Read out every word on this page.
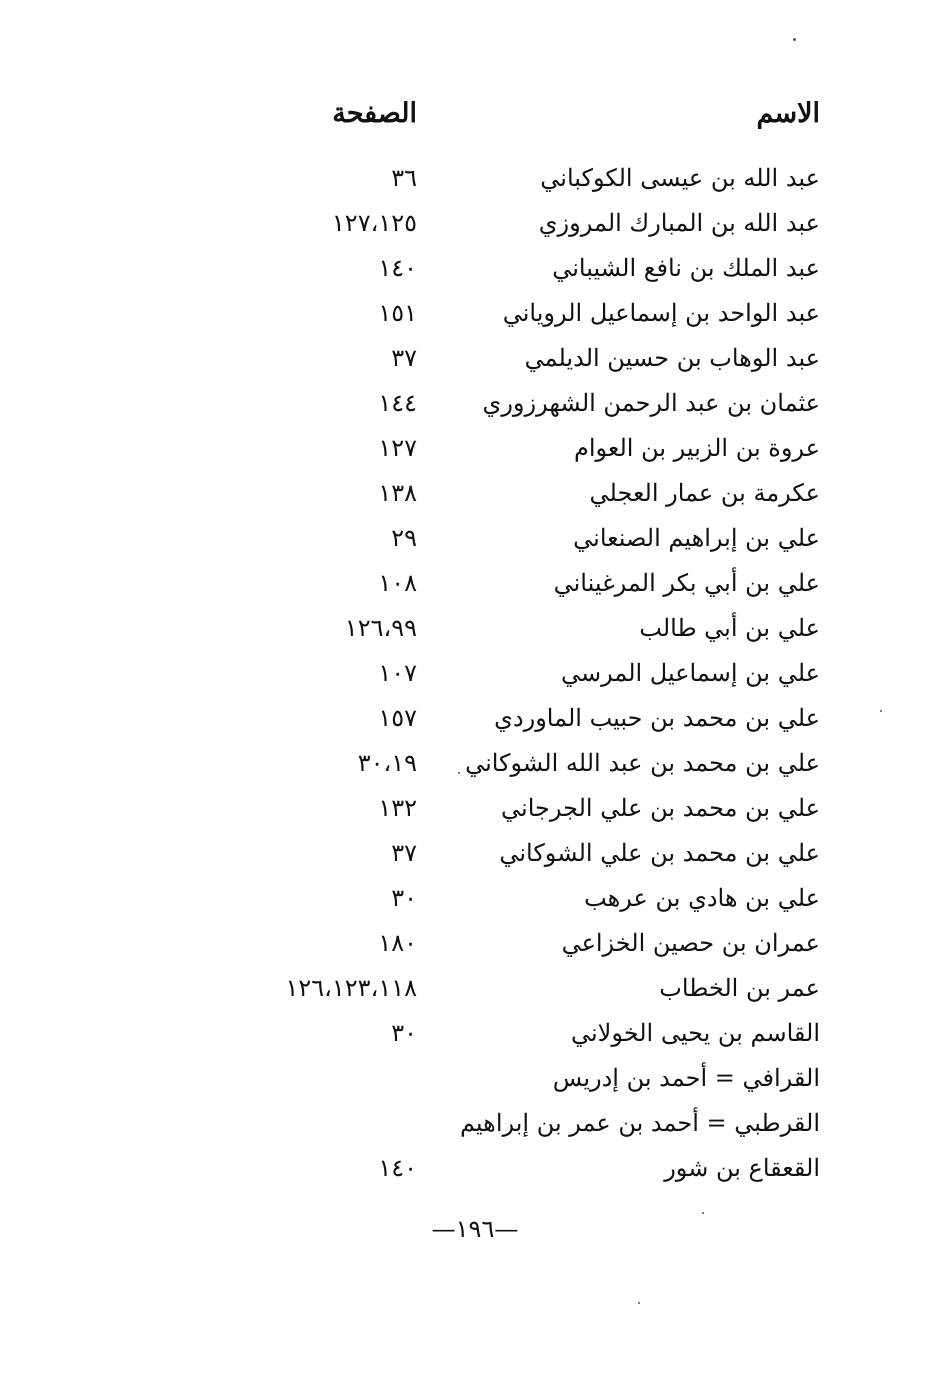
الاسم
الصفحة
عبد الله بن عيسى الكوكباني
٣٦
عبد الله بن المبارك المروزي
١٢٧،١٢٥
عبد الملك بن نافع الشيباني
١٤٠
عبد الواحد بن إسماعيل الروياني
١٥١
عبد الوهاب بن حسين الديلمي
٣٧
عثمان بن عبد الرحمن الشهرزوري
١٤٤
عروة بن الزبير بن العوام
١٢٧
عكرمة بن عمار العجلي
١٣٨
علي بن إبراهيم الصنعاني
٢٩
علي بن أبي بكر المرغيناني
١٠٨
علي بن أبي طالب
١٢٦،٩٩
علي بن إسماعيل المرسي
١٠٧
علي بن محمد بن حبيب الماوردي
١٥٧
علي بن محمد بن عبد الله الشوكاني
٣٠،١٩
علي بن محمد بن علي الجرجاني
١٣٢
علي بن محمد بن علي الشوكاني
٣٧
علي بن هادي بن عرهب
٣٠
عمران بن حصين الخزاعي
١٨٠
عمر بن الخطاب
١٢٦،١٢٣،١١٨
القاسم بن يحيى الخولاني
٣٠
القرافي = أحمد بن إدريس
القرطبي = أحمد بن عمر بن إبراهيم
القعقاع بن شور
١٤٠
—١٩٦—
